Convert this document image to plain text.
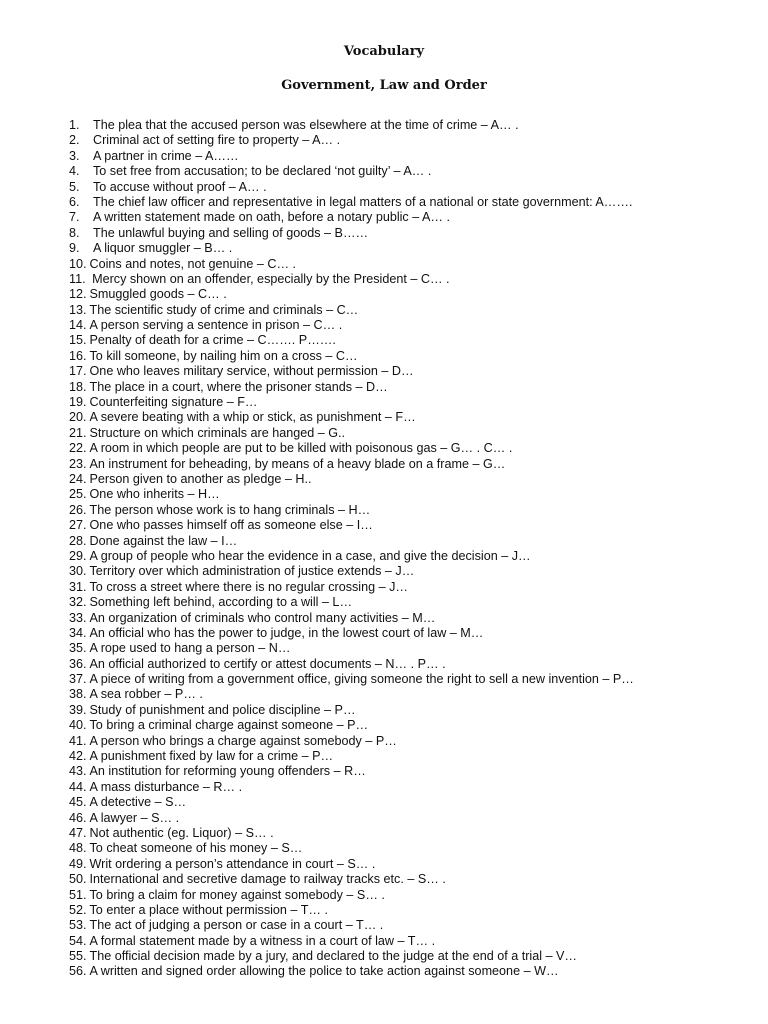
Vocabulary
Government, Law and Order
1. The plea that the accused person was elsewhere at the time of crime – A… .
2. Criminal act of setting fire to property – A… .
3. A partner in crime – A……
4. To set free from accusation; to be declared ‘not guilty’ – A… .
5. To accuse without proof – A… .
6. The chief law officer and representative in legal matters of a national or state government: A…….
7. A written statement made on oath, before a notary public – A… .
8. The unlawful buying and selling of goods – B……
9. A liquor smuggler – B… .
10. Coins and notes, not genuine – C… .
11. Mercy shown on an offender, especially by the President – C… .
12. Smuggled goods – C… .
13. The scientific study of crime and criminals – C…
14. A person serving a sentence in prison – C… .
15. Penalty of death for a crime – C……. P…….
16. To kill someone, by nailing him on a cross – C…
17. One who leaves military service, without permission – D…
18. The place in a court, where the prisoner stands – D…
19. Counterfeiting signature – F…
20. A severe beating with a whip or stick, as punishment – F…
21. Structure on which criminals are hanged – G..
22. A room in which people are put to be killed with poisonous gas – G… . C… .
23. An instrument for beheading, by means of a heavy blade on a frame – G…
24. Person given to another as pledge – H..
25. One who inherits – H…
26. The person whose work is to hang criminals – H…
27. One who passes himself off as someone else – I…
28. Done against the law – I…
29. A group of people who hear the evidence in a case, and give the decision – J…
30. Territory over which administration of justice extends – J…
31. To cross a street where there is no regular crossing – J…
32. Something left behind, according to a will – L…
33. An organization of criminals who control many activities – M…
34. An official who has the power to judge, in the lowest court of law – M…
35. A rope used to hang a person – N…
36. An official authorized to certify or attest documents – N… . P… .
37. A piece of writing from a government office, giving someone the right to sell a new invention – P…
38. A sea robber – P… .
39. Study of punishment and police discipline – P…
40. To bring a criminal charge against someone – P…
41. A person who brings a charge against somebody – P…
42. A punishment fixed by law for a crime – P…
43. An institution for reforming young offenders – R…
44. A mass disturbance – R… .
45. A detective – S…
46. A lawyer – S… .
47. Not authentic (eg. Liquor) – S… .
48. To cheat someone of his money – S…
49. Writ ordering a person’s attendance in court – S… .
50. International and secretive damage to railway tracks etc. – S… .
51. To bring a claim for money against somebody – S… .
52. To enter a place without permission – T… .
53. The act of judging a person or case in a court – T… .
54. A formal statement made by a witness in a court of law – T… .
55. The official decision made by a jury, and declared to the judge at the end of a trial – V…
56. A written and signed order allowing the police to take action against someone – W…
